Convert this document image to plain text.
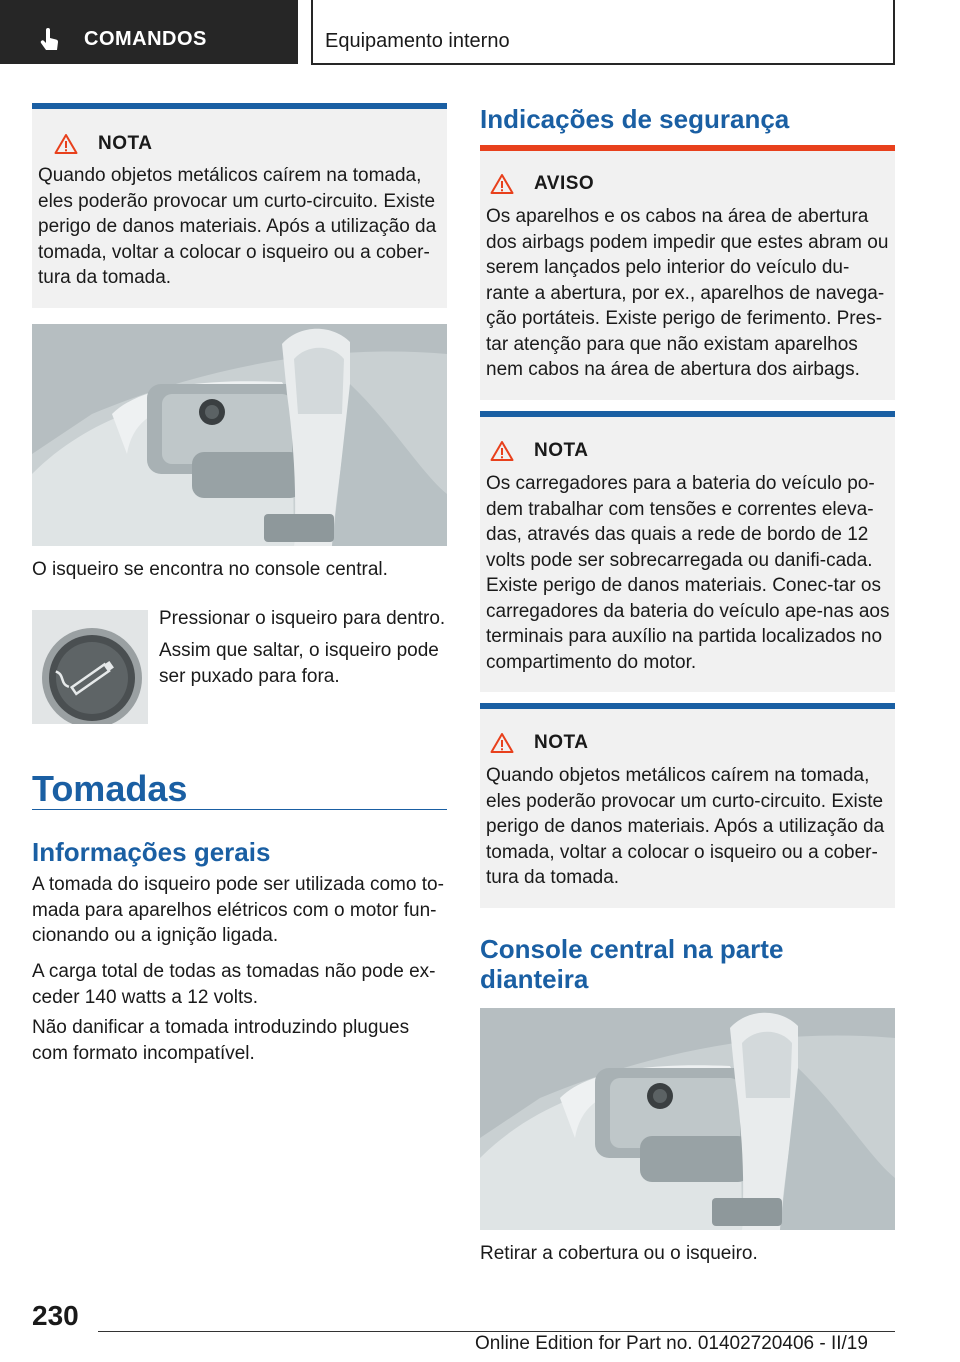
COMANDOS	Equipamento interno
NOTA
Quando objetos metálicos caírem na tomada, eles poderão provocar um curto-circuito. Existe perigo de danos materiais. Após a utilização da tomada, voltar a colocar o isqueiro ou a cober-tura da tomada.
O isqueiro se encontra no console central.
Pressionar o isqueiro para dentro.
Assim que saltar, o isqueiro pode ser puxado para fora.
Tomadas
Informações gerais
A tomada do isqueiro pode ser utilizada como to-mada para aparelhos elétricos com o motor fun-cionando ou a ignição ligada.
A carga total de todas as tomadas não pode ex-ceder 140 watts a 12 volts.
Não danificar a tomada introduzindo plugues com formato incompatível.
Indicações de segurança
AVISO
Os aparelhos e os cabos na área de abertura dos airbags podem impedir que estes abram ou serem lançados pelo interior do veículo du-rante a abertura, por ex., aparelhos de navega-ção portáteis. Existe perigo de ferimento. Pres-tar atenção para que não existam aparelhos nem cabos na área de abertura dos airbags.
NOTA
Os carregadores para a bateria do veículo po-dem trabalhar com tensões e correntes eleva-das, através das quais a rede de bordo de 12 volts pode ser sobrecarregada ou danifi-cada. Existe perigo de danos materiais. Conec-tar os carregadores da bateria do veículo ape-nas aos terminais para auxílio na partida localizados no compartimento do motor.
NOTA
Quando objetos metálicos caírem na tomada, eles poderão provocar um curto-circuito. Existe perigo de danos materiais. Após a utilização da tomada, voltar a colocar o isqueiro ou a cober-tura da tomada.
Console central na parte dianteira
Retirar a cobertura ou o isqueiro.
230
Online Edition for Part no. 01402720406 - II/19
